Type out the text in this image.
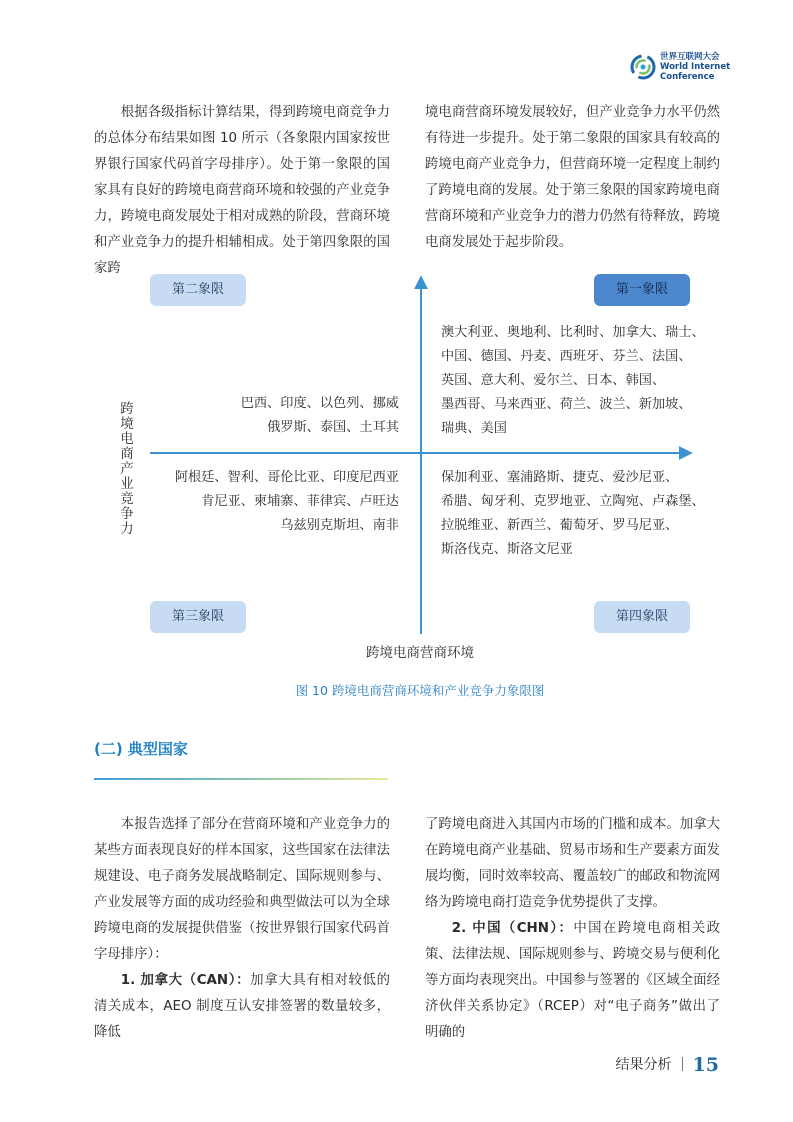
世界互联网大会
World Internet
Conference

根据各级指标计算结果，得到跨境电商竞争力的总体分布结果如图 10 所示（各象限内国家按世界银行国家代码首字母排序）。处于第一象限的国家具有良好的跨境电商营商环境和较强的产业竞争力，跨境电商发展处于相对成熟的阶段，营商环境和产业竞争力的提升相辅相成。处于第四象限的国家跨

境电商营商环境发展较好，但产业竞争力水平仍然有待进一步提升。处于第二象限的国家具有较高的跨境电商产业竞争力，但营商环境一定程度上制约了跨境电商的发展。处于第三象限的国家跨境电商营商环境和产业竞争力的潜力仍然有待释放，跨境电商发展处于起步阶段。

第二象限	第一象限
第三象限	第四象限
澳大利亚、奥地利、比利时、加拿大、瑞士、
中国、德国、丹麦、西班牙、芬兰、法国、
英国、意大利、爱尔兰、日本、韩国、
墨西哥、马来西亚、荷兰、波兰、新加坡、
瑞典、美国
巴西、印度、以色列、挪威
俄罗斯、泰国、土耳其
阿根廷、智利、哥伦比亚、印度尼西亚
肯尼亚、柬埔寨、菲律宾、卢旺达
乌兹别克斯坦、南非
保加利亚、塞浦路斯、捷克、爱沙尼亚、
希腊、匈牙利、克罗地亚、立陶宛、卢森堡、
拉脱维亚、新西兰、葡萄牙、罗马尼亚、
斯洛伐克、斯洛文尼亚
跨境电商产业竞争力
跨境电商营商环境
图 10 跨境电商营商环境和产业竞争力象限图
(二) 典型国家

本报告选择了部分在营商环境和产业竞争力的某些方面表现良好的样本国家，这些国家在法律法规建设、电子商务发展战略制定、国际规则参与、产业发展等方面的成功经验和典型做法可以为全球跨境电商的发展提供借鉴（按世界银行国家代码首字母排序）：

1. 加拿大（CAN）：加拿大具有相对较低的清关成本，AEO 制度互认安排签署的数量较多，降低

了跨境电商进入其国内市场的门槛和成本。加拿大在跨境电商产业基础、贸易市场和生产要素方面发展均衡，同时效率较高、覆盖较广的邮政和物流网络为跨境电商打造竞争优势提供了支撑。

2. 中国（CHN）：中国在跨境电商相关政策、法律法规、国际规则参与、跨境交易与便利化等方面均表现突出。中国参与签署的《区域全面经济伙伴关系协定》（RCEP）对“电子商务”做出了明确的

结果分析 15
